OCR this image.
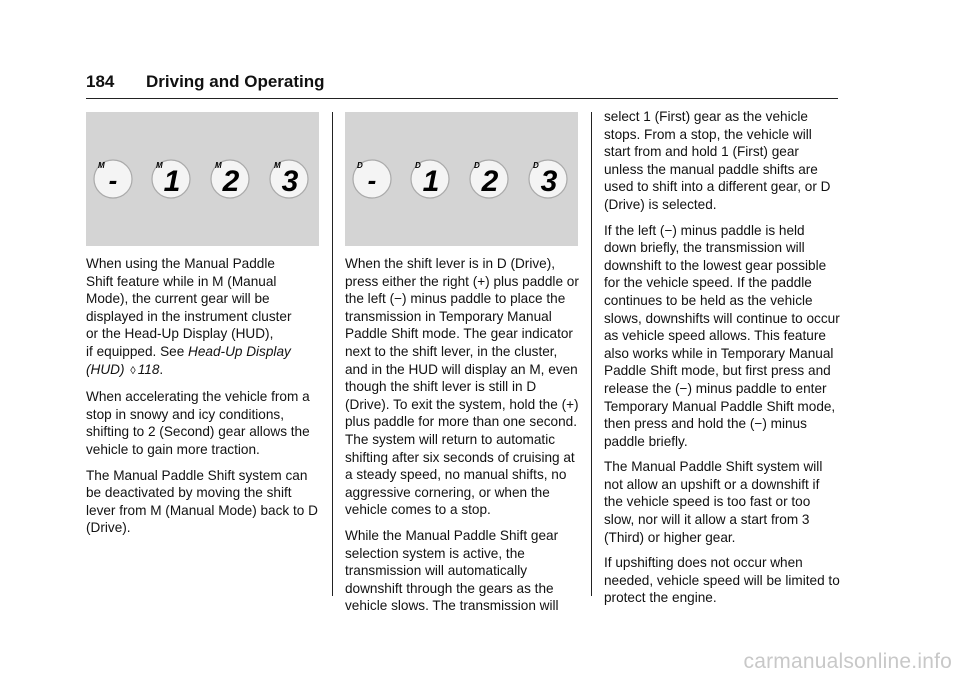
184 Driving and Operating
M -	M 1	M 2	M 3	D -	D 1	D 2	D 3

When using the Manual Paddle
Shift feature while in M (Manual
Mode), the current gear will be
displayed in the instrument cluster
or the Head-Up Display (HUD),
if equipped. See Head-Up Display (HUD) ◊ 118.

When accelerating the vehicle from a stop in snowy and icy conditions, shifting to 2 (Second) gear allows the vehicle to gain more traction.

The Manual Paddle Shift system can be deactivated by moving the shift lever from M (Manual Mode) back to D (Drive).

When the shift lever is in D (Drive), press either the right (+) plus paddle or the left (−) minus paddle to place the transmission in Temporary Manual Paddle Shift mode. The gear indicator next to the shift lever, in the cluster, and in the HUD will display an M, even though the shift lever is still in D (Drive). To exit the system, hold the (+) plus paddle for more than one second. The system will return to automatic shifting after six seconds of cruising at a steady speed, no manual shifts, no aggressive cornering, or when the vehicle comes to a stop.

While the Manual Paddle Shift gear selection system is active, the transmission will automatically downshift through the gears as the vehicle slows. The transmission will

select 1 (First) gear as the vehicle stops. From a stop, the vehicle will start from and hold 1 (First) gear unless the manual paddle shifts are used to shift into a different gear, or D (Drive) is selected.

If the left (−) minus paddle is held down briefly, the transmission will downshift to the lowest gear possible for the vehicle speed. If the paddle continues to be held as the vehicle slows, downshifts will continue to occur as vehicle speed allows. This feature also works while in Temporary Manual Paddle Shift mode, but first press and release the (−) minus paddle to enter Temporary Manual Paddle Shift mode, then press and hold the (−) minus paddle briefly.

The Manual Paddle Shift system will not allow an upshift or a downshift if the vehicle speed is too fast or too slow, nor will it allow a start from 3 (Third) or higher gear.

If upshifting does not occur when needed, vehicle speed will be limited to protect the engine.

carmanualsonline.info
